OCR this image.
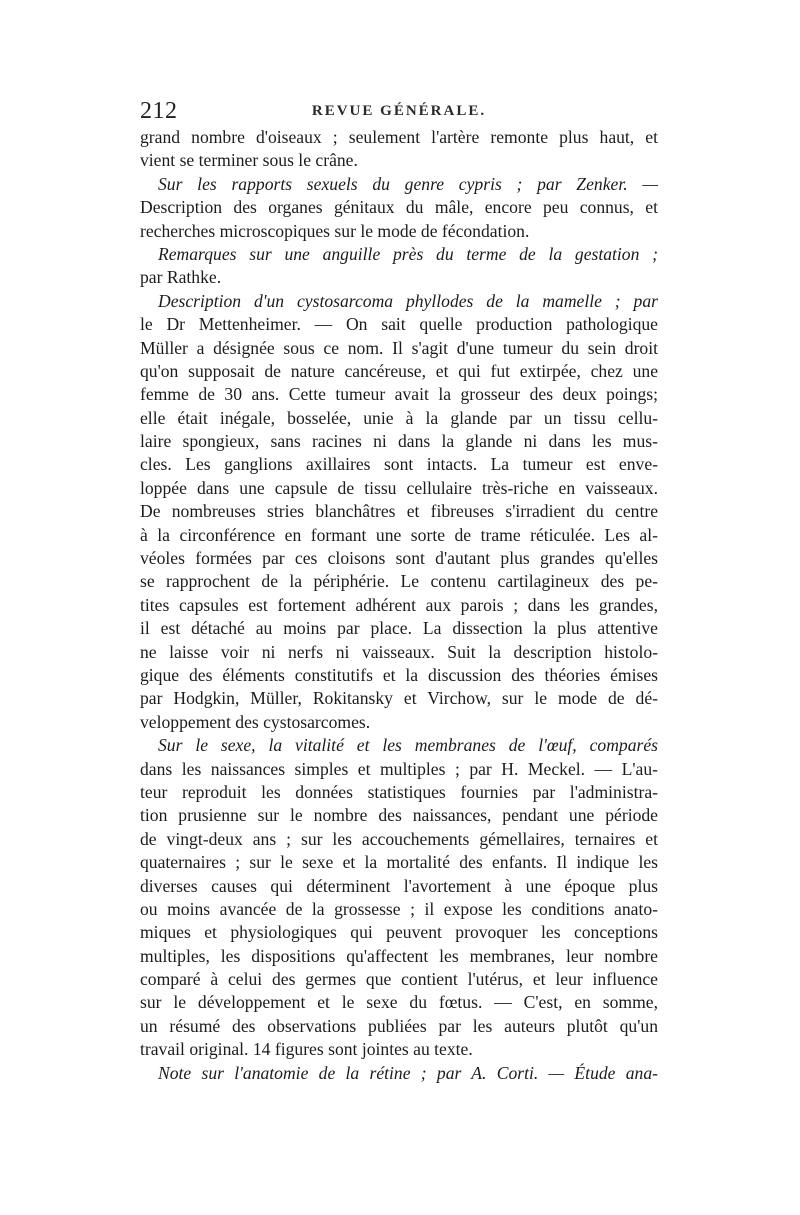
212	REVUE GÉNÉRALE.
grand nombre d'oiseaux ; seulement l'artère remonte plus haut, et
vient se terminer sous le crâne.
Sur les rapports sexuels du genre cypris ; par Zenker. —
Description des organes génitaux du mâle, encore peu connus, et
recherches microscopiques sur le mode de fécondation.
Remarques sur une anguille près du terme de la gestation ;
par Rathke.
Description d'un cystosarcoma phyllodes de la mamelle ; par
le Dr Mettenheimer. — On sait quelle production pathologique
Müller a désignée sous ce nom. Il s'agit d'une tumeur du sein droit
qu'on supposait de nature cancéreuse, et qui fut extirpée, chez une
femme de 30 ans. Cette tumeur avait la grosseur des deux poings;
elle était inégale, bosselée, unie à la glande par un tissu cellu-
laire spongieux, sans racines ni dans la glande ni dans les mus-
cles. Les ganglions axillaires sont intacts. La tumeur est enve-
loppée dans une capsule de tissu cellulaire très-riche en vaisseaux.
De nombreuses stries blanchâtres et fibreuses s'irradient du centre
à la circonférence en formant une sorte de trame réticulée. Les al-
véoles formées par ces cloisons sont d'autant plus grandes qu'elles
se rapprochent de la périphérie. Le contenu cartilagineux des pe-
tites capsules est fortement adhérent aux parois ; dans les grandes,
il est détaché au moins par place. La dissection la plus attentive
ne laisse voir ni nerfs ni vaisseaux. Suit la description histolo-
gique des éléments constitutifs et la discussion des théories émises
par Hodgkin, Müller, Rokitansky et Virchow, sur le mode de dé-
veloppement des cystosarcomes.
Sur le sexe, la vitalité et les membranes de l'œuf, comparés
dans les naissances simples et multiples ; par H. Meckel. — L'au-
teur reproduit les données statistiques fournies par l'administra-
tion prusienne sur le nombre des naissances, pendant une période
de vingt-deux ans ; sur les accouchements gémellaires, ternaires et
quaternaires ; sur le sexe et la mortalité des enfants. Il indique les
diverses causes qui déterminent l'avortement à une époque plus
ou moins avancée de la grossesse ; il expose les conditions anato-
miques et physiologiques qui peuvent provoquer les conceptions
multiples, les dispositions qu'affectent les membranes, leur nombre
comparé à celui des germes que contient l'utérus, et leur influence
sur le développement et le sexe du fœtus. — C'est, en somme,
un résumé des observations publiées par les auteurs plutôt qu'un
travail original. 14 figures sont jointes au texte.
Note sur l'anatomie de la rétine ; par A. Corti. — Étude ana-
